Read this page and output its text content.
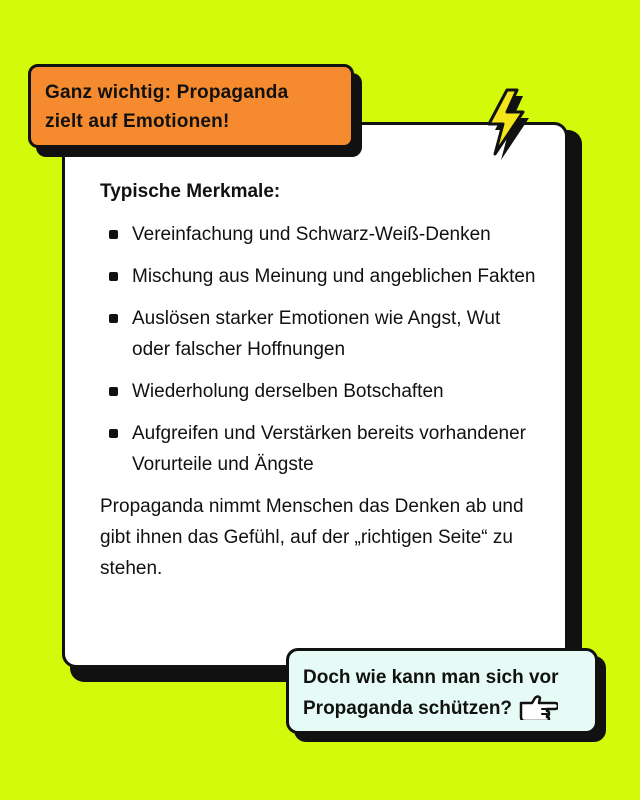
Typische Merkmale:

Vereinfachung und Schwarz-Weiß-Denken
Mischung aus Meinung und angeblichen Fakten
Auslösen starker Emotionen wie Angst, Wut oder falscher Hoffnungen
Wiederholung derselben Botschaften
Aufgreifen und Verstärken bereits vorhandener Vorurteile und Ängste

Propaganda nimmt Menschen das Denken ab und gibt ihnen das Gefühl, auf der „richtigen Seite“ zu stehen.

Ganz wichtig: Propaganda

zielt auf Emotionen!

Doch wie kann man sich vor

Propaganda schützen?
